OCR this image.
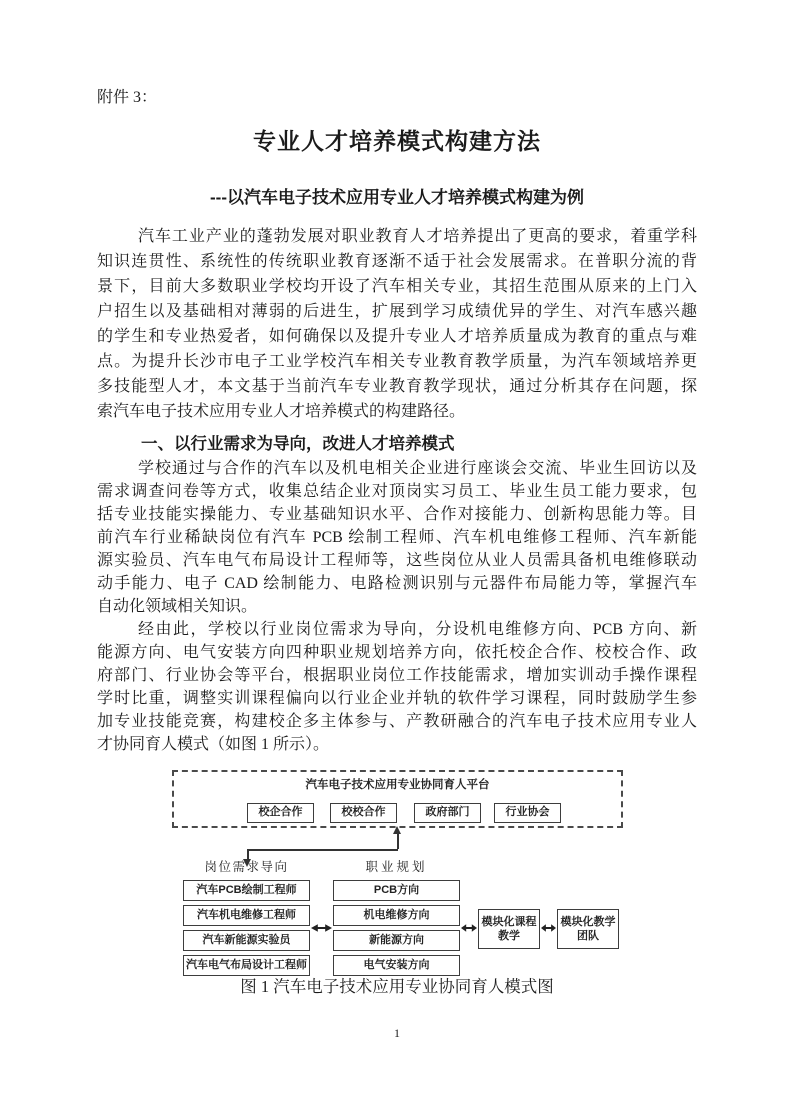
附件 3：
专业人才培养模式构建方法
---以汽车电子技术应用专业人才培养模式构建为例
汽车工业产业的蓬勃发展对职业教育人才培养提出了更高的要求，着重学科
知识连贯性、系统性的传统职业教育逐渐不适于社会发展需求。在普职分流的背
景下，目前大多数职业学校均开设了汽车相关专业，其招生范围从原来的上门入
户招生以及基础相对薄弱的后进生，扩展到学习成绩优异的学生、对汽车感兴趣
的学生和专业热爱者，如何确保以及提升专业人才培养质量成为教育的重点与难
点。为提升长沙市电子工业学校汽车相关专业教育教学质量，为汽车领域培养更
多技能型人才，本文基于当前汽车专业教育教学现状，通过分析其存在问题，探
索汽车电子技术应用专业人才培养模式的构建路径。
一、以行业需求为导向，改进人才培养模式
学校通过与合作的汽车以及机电相关企业进行座谈会交流、毕业生回访以及
需求调查问卷等方式，收集总结企业对顶岗实习员工、毕业生员工能力要求，包
括专业技能实操能力、专业基础知识水平、合作对接能力、创新构思能力等。目
前汽车行业稀缺岗位有汽车 PCB 绘制工程师、汽车机电维修工程师、汽车新能
源实验员、汽车电气布局设计工程师等，这些岗位从业人员需具备机电维修联动
动手能力、电子 CAD 绘制能力、电路检测识别与元器件布局能力等，掌握汽车
自动化领域相关知识。
经由此，学校以行业岗位需求为导向，分设机电维修方向、PCB 方向、新
能源方向、电气安装方向四种职业规划培养方向，依托校企合作、校校合作、政
府部门、行业协会等平台，根据职业岗位工作技能需求，增加实训动手操作课程
学时比重，调整实训课程偏向以行业企业并轨的软件学习课程，同时鼓励学生参
加专业技能竞赛，构建校企多主体参与、产教研融合的汽车电子技术应用专业人
才协同育人模式（如图 1 所示）。
汽车电子技术应用专业协同育人平台
校企合作	校校合作	政府部门	行业协会
岗位需求导向	职业规划
汽车PCB绘制工程师
汽车机电维修工程师
汽车新能源实验员
汽车电气布局设计工程师
PCB方向
机电维修方向
新能源方向
电气安装方向
模块化课程教学
模块化教学团队
图 1 汽车电子技术应用专业协同育人模式图
1
